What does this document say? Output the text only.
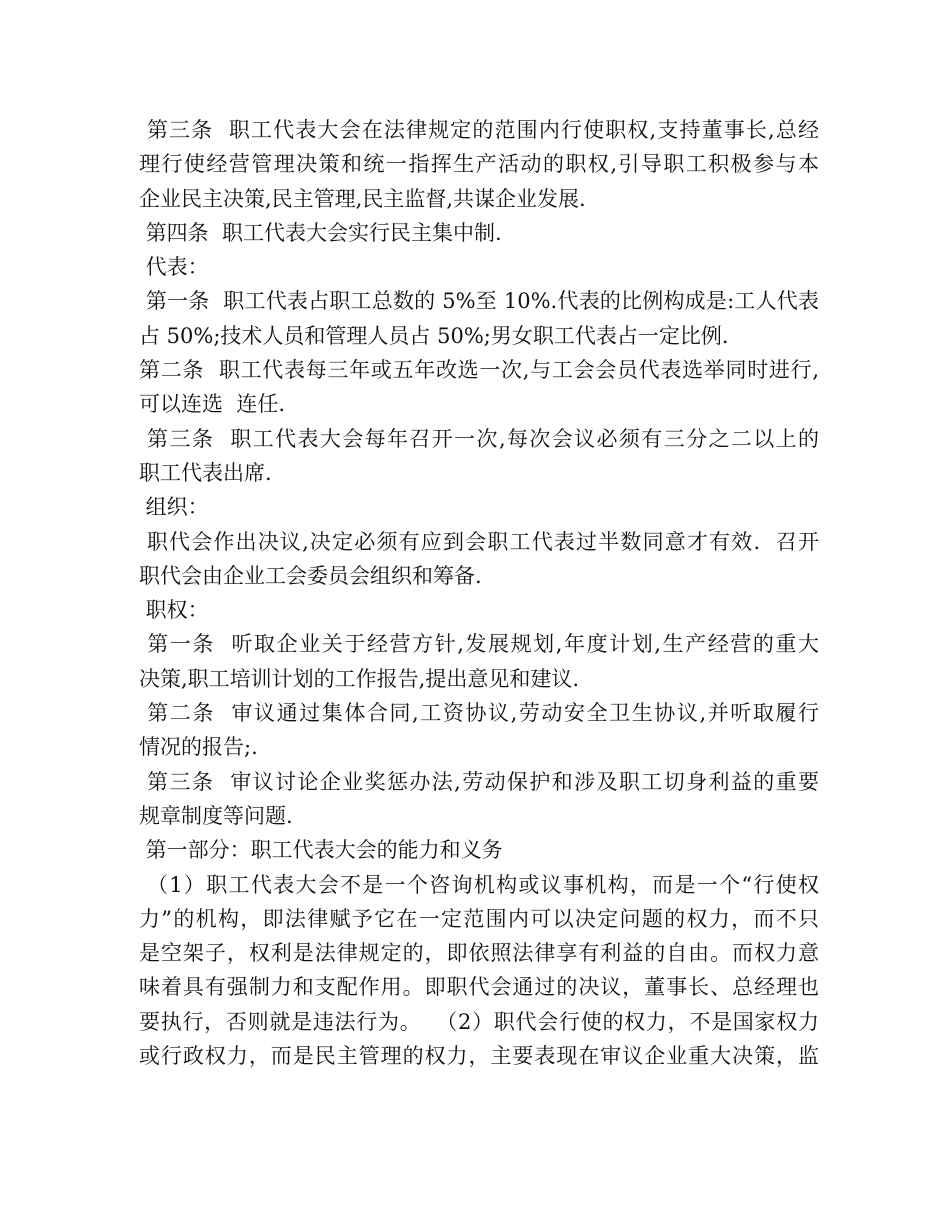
第三条  职工代表大会在法律规定的范围内行使职权,支持董事长,总经
理行使经营管理决策和统一指挥生产活动的职权,引导职工积极参与本
企业民主决策,民主管理,民主监督,共谋企业发展.
第四条  职工代表大会实行民主集中制.
代表：
第一条  职工代表占职工总数的 5%至 10%.代表的比例构成是:工人代表
占 50%;技术人员和管理人员占 50%;男女职工代表占一定比例.
第二条  职工代表每三年或五年改选一次,与工会会员代表选举同时进行,
可以连选  连任.
第三条  职工代表大会每年召开一次,每次会议必须有三分之二以上的
职工代表出席.
组织：
职代会作出决议,决定必须有应到会职工代表过半数同意才有效.  召开
职代会由企业工会委员会组织和筹备.
职权：
第一条  听取企业关于经营方针,发展规划,年度计划,生产经营的重大
决策,职工培训计划的工作报告,提出意见和建议.
第二条  审议通过集体合同,工资协议,劳动安全卫生协议,并听取履行
情况的报告;.
第三条  审议讨论企业奖惩办法,劳动保护和涉及职工切身利益的重要
规章制度等问题.
第一部分：职工代表大会的能力和义务
（1）职工代表大会不是一个咨询机构或议事机构，而是一个“行使权
力”的机构，即法律赋予它在一定范围内可以决定问题的权力，而不只
是空架子，权利是法律规定的，即依照法律享有利益的自由。而权力意
味着具有强制力和支配作用。即职代会通过的决议，董事长、总经理也
要执行，否则就是违法行为。  （2）职代会行使的权力，不是国家权力
或行政权力，而是民主管理的权力，主要表现在审议企业重大决策，监
